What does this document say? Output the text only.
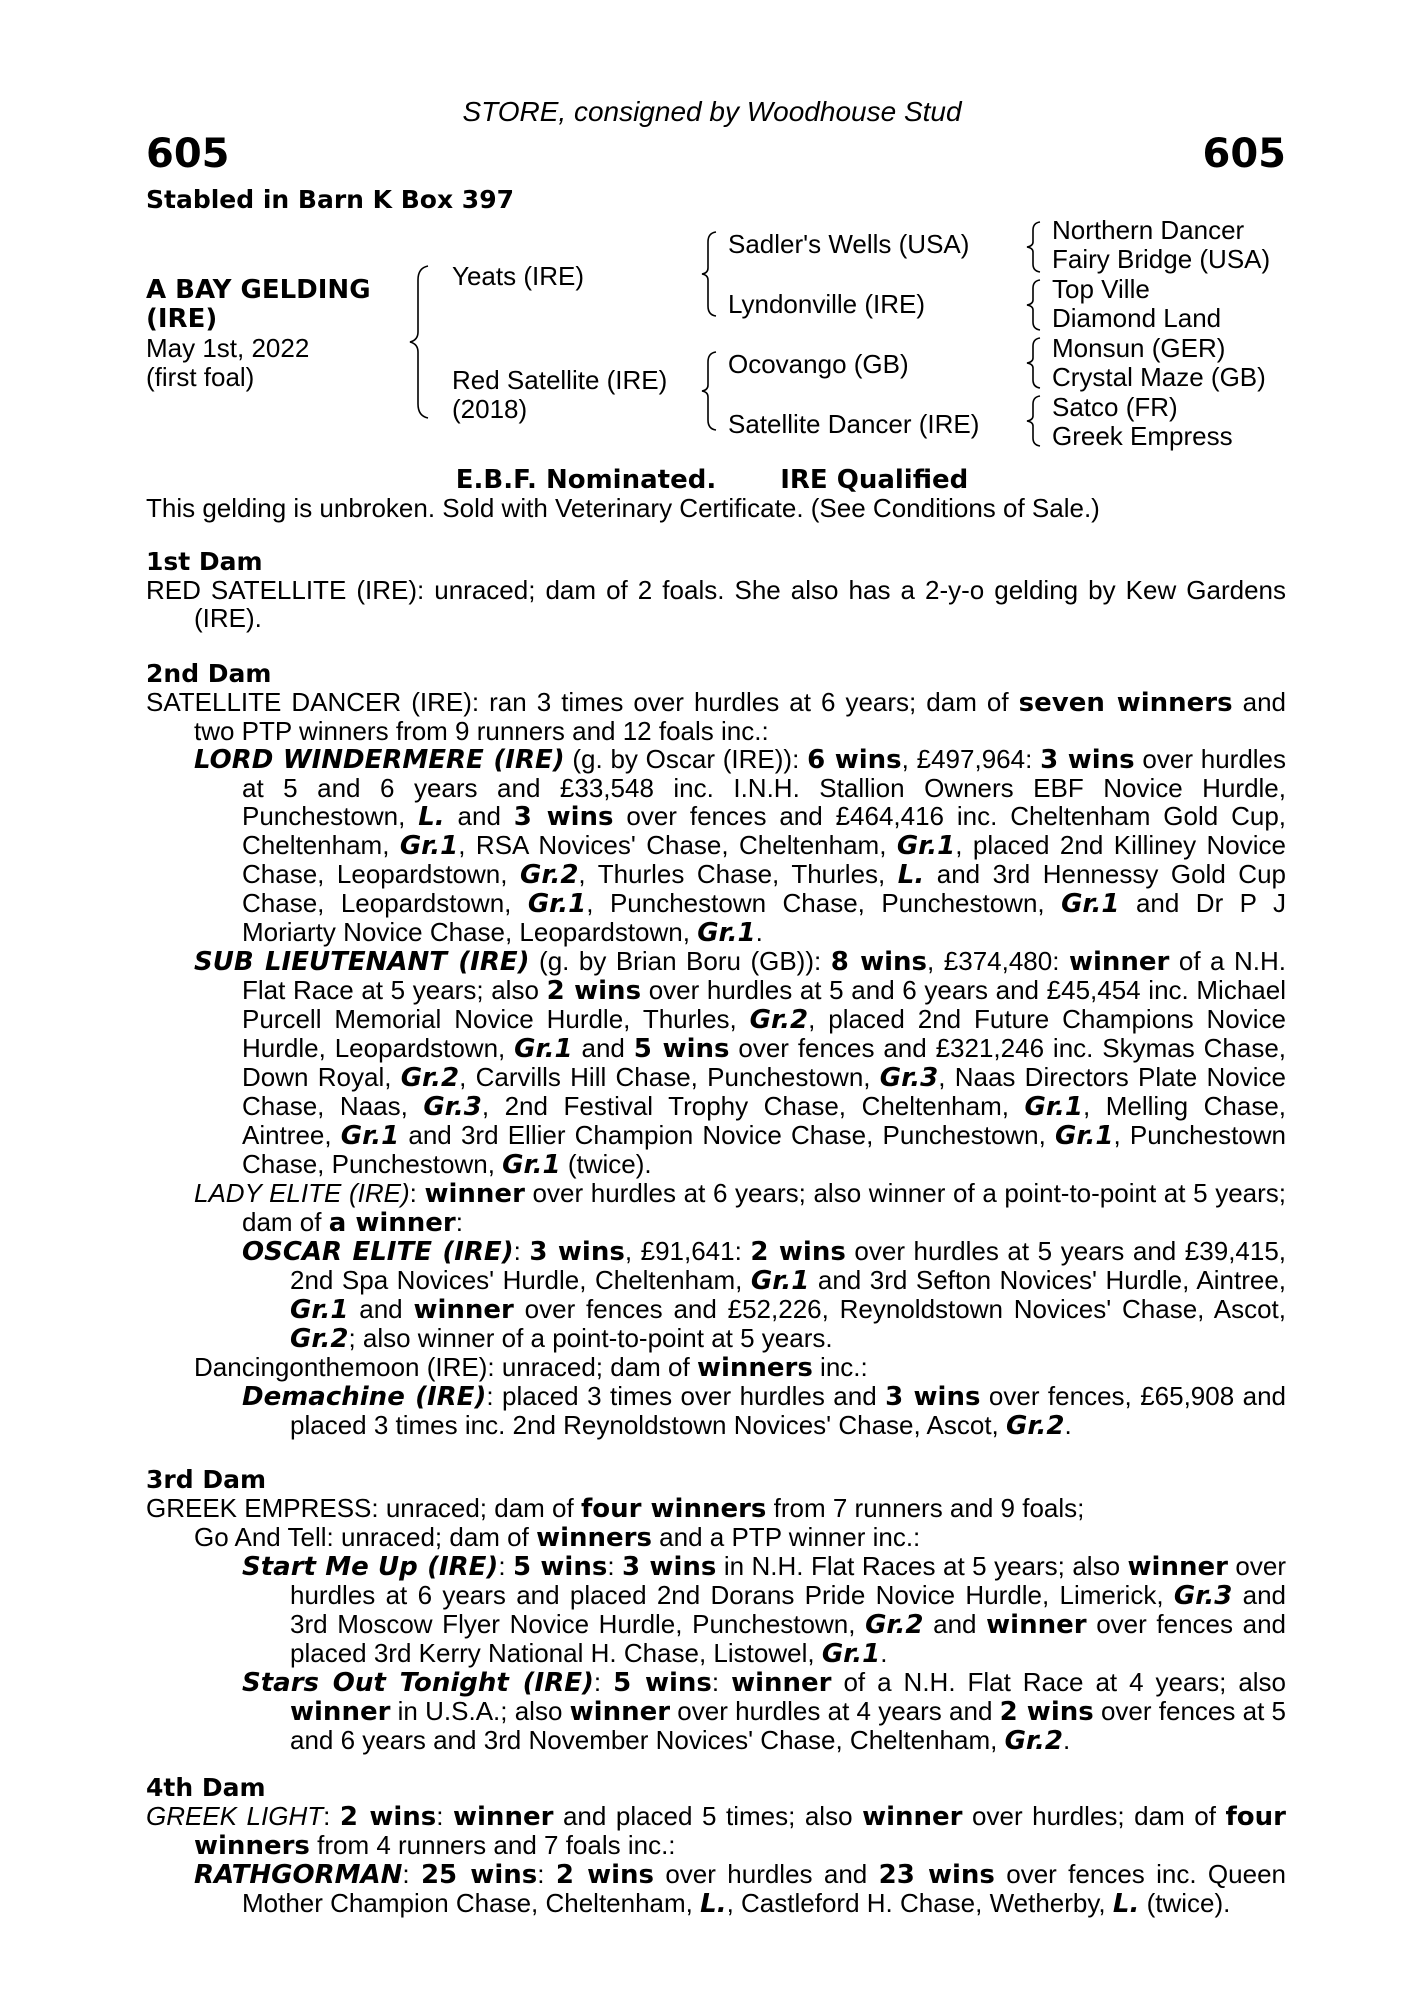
STORE, consigned by Woodhouse Stud
605	605
Stabled in Barn K Box 397
A BAY GELDING
(IRE)
May 1st, 2022
(first foal)
Yeats (IRE)
Red Satellite (IRE)
(2018)
Sadler's Wells (USA)
Lyndonville (IRE)
Ocovango (GB)
Satellite Dancer (IRE)
Northern Dancer
Fairy Bridge (USA)
Top Ville
Diamond Land
Monsun (GER)
Crystal Maze (GB)
Satco (FR)
Greek Empress
E.B.F. Nominated. IRE Qualified
This gelding is unbroken. Sold with Veterinary Certificate. (See Conditions of Sale.)
1st Dam

RED SATELLITE (IRE): unraced; dam of 2 foals. She also has a 2-y-o gelding by Kew Gardens (IRE).

2nd Dam

SATELLITE DANCER (IRE): ran 3 times over hurdles at 6 years; dam of seven winners and two PTP winners from 9 runners and 12 foals inc.:

LORD WINDERMERE (IRE) (g. by Oscar (IRE)): 6 wins, £497,964: 3 wins over hurdles at 5 and 6 years and £33,548 inc. I.N.H. Stallion Owners EBF Novice Hurdle, Punchestown, L. and 3 wins over fences and £464,416 inc. Cheltenham Gold Cup, Cheltenham, Gr.1, RSA Novices' Chase, Cheltenham, Gr.1, placed 2nd Killiney Novice Chase, Leopardstown, Gr.2, Thurles Chase, Thurles, L. and 3rd Hennessy Gold Cup Chase, Leopardstown, Gr.1, Punchestown Chase, Punchestown, Gr.1 and Dr P J Moriarty Novice Chase, Leopardstown, Gr.1.

SUB LIEUTENANT (IRE) (g. by Brian Boru (GB)): 8 wins, £374,480: winner of a N.H. Flat Race at 5 years; also 2 wins over hurdles at 5 and 6 years and £45,454 inc. Michael Purcell Memorial Novice Hurdle, Thurles, Gr.2, placed 2nd Future Champions Novice Hurdle, Leopardstown, Gr.1 and 5 wins over fences and £321,246 inc. Skymas Chase, Down Royal, Gr.2, Carvills Hill Chase, Punchestown, Gr.3, Naas Directors Plate Novice Chase, Naas, Gr.3, 2nd Festival Trophy Chase, Cheltenham, Gr.1, Melling Chase, Aintree, Gr.1 and 3rd Ellier Champion Novice Chase, Punchestown, Gr.1, Punchestown Chase, Punchestown, Gr.1 (twice).

LADY ELITE (IRE): winner over hurdles at 6 years; also winner of a point-to-point at 5 years; dam of a winner:

OSCAR ELITE (IRE): 3 wins, £91,641: 2 wins over hurdles at 5 years and £39,415, 2nd Spa Novices' Hurdle, Cheltenham, Gr.1 and 3rd Sefton Novices' Hurdle, Aintree, Gr.1 and winner over fences and £52,226, Reynoldstown Novices' Chase, Ascot, Gr.2; also winner of a point-to-point at 5 years.

Dancingonthemoon (IRE): unraced; dam of winners inc.:

Demachine (IRE): placed 3 times over hurdles and 3 wins over fences, £65,908 and placed 3 times inc. 2nd Reynoldstown Novices' Chase, Ascot, Gr.2.

3rd Dam

GREEK EMPRESS: unraced; dam of four winners from 7 runners and 9 foals;

Go And Tell: unraced; dam of winners and a PTP winner inc.:

Start Me Up (IRE): 5 wins: 3 wins in N.H. Flat Races at 5 years; also winner over hurdles at 6 years and placed 2nd Dorans Pride Novice Hurdle, Limerick, Gr.3 and 3rd Moscow Flyer Novice Hurdle, Punchestown, Gr.2 and winner over fences and placed 3rd Kerry National H. Chase, Listowel, Gr.1.

Stars Out Tonight (IRE): 5 wins: winner of a N.H. Flat Race at 4 years; also winner in U.S.A.; also winner over hurdles at 4 years and 2 wins over fences at 5 and 6 years and 3rd November Novices' Chase, Cheltenham, Gr.2.

4th Dam

GREEK LIGHT: 2 wins: winner and placed 5 times; also winner over hurdles; dam of four winners from 4 runners and 7 foals inc.:

RATHGORMAN: 25 wins: 2 wins over hurdles and 23 wins over fences inc. Queen Mother Champion Chase, Cheltenham, L., Castleford H. Chase, Wetherby, L. (twice).
